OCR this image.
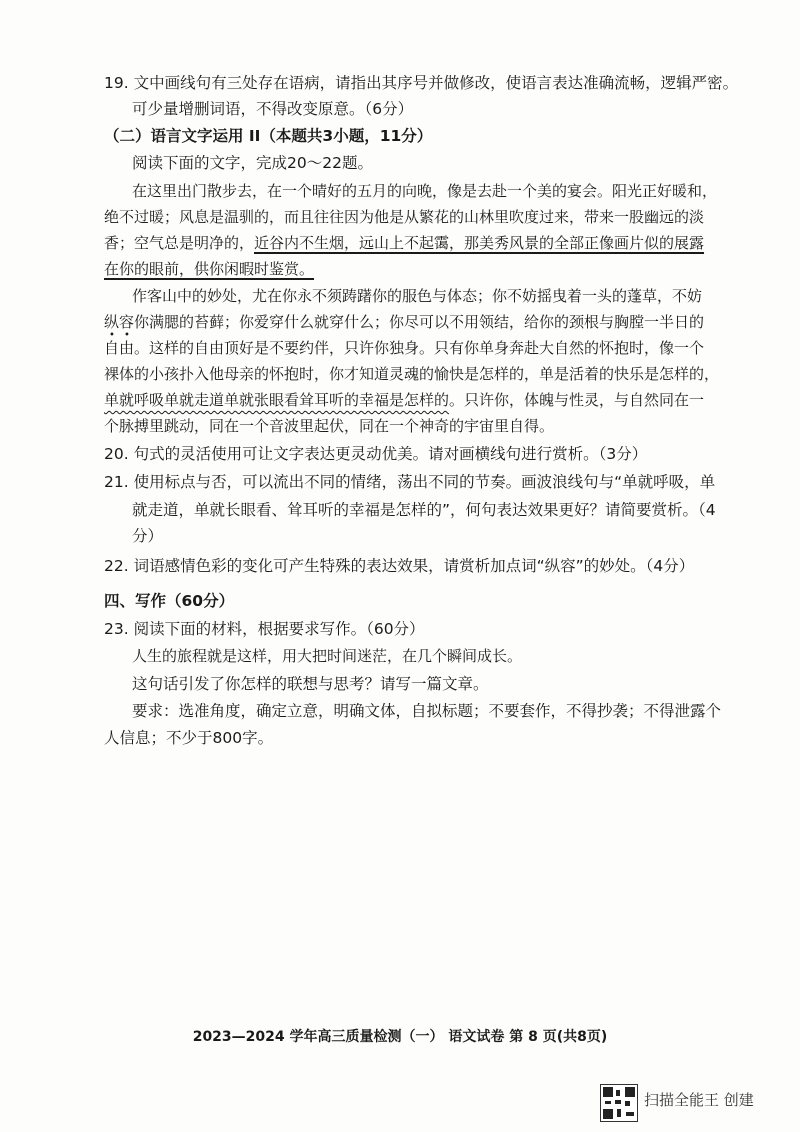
19. 文中画线句有三处存在语病，请指出其序号并做修改，使语言表达准确流畅，逻辑严密。
可少量增删词语，不得改变原意。（6分）
（二）语言文字运用 II（本题共3小题，11分）
阅读下面的文字，完成20～22题。
在这里出门散步去，在一个晴好的五月的向晚，像是去赴一个美的宴会。阳光正好暖和，
绝不过暖；风息是温驯的，而且往往因为他是从繁花的山林里吹度过来，带来一股幽远的淡
香；空气总是明净的，近谷内不生烟，远山上不起霭，那美秀风景的全部正像画片似的展露
在你的眼前，供你闲暇时鉴赏。
作客山中的妙处，尤在你永不须踌躇你的服色与体态；你不妨摇曳着一头的蓬草，不妨
纵容你满腮的苔藓；你爱穿什么就穿什么；你尽可以不用领结，给你的颈根与胸膛一半日的
自由。这样的自由顶好是不要约伴，只许你独身。只有你单身奔赴大自然的怀抱时，像一个
裸体的小孩扑入他母亲的怀抱时，你才知道灵魂的愉快是怎样的，单是活着的快乐是怎样的，
单就呼吸单就走道单就张眼看耸耳听的幸福是怎样的。只许你，体魄与性灵，与自然同在一
个脉搏里跳动，同在一个音波里起伏，同在一个神奇的宇宙里自得。
20. 句式的灵活使用可让文字表达更灵动优美。请对画横线句进行赏析。（3分）
21. 使用标点与否，可以流出不同的情绪，荡出不同的节奏。画波浪线句与“单就呼吸，单
就走道，单就长眼看、耸耳听的幸福是怎样的”，何句表达效果更好？请简要赏析。（4
分）
22. 词语感情色彩的变化可产生特殊的表达效果，请赏析加点词“纵容”的妙处。（4分）
四、写作（60分）
23. 阅读下面的材料，根据要求写作。（60分）
人生的旅程就是这样，用大把时间迷茫，在几个瞬间成长。
这句话引发了你怎样的联想与思考？请写一篇文章。
要求：选准角度，确定立意，明确文体，自拟标题；不要套作，不得抄袭；不得泄露个
人信息；不少于800字。
2023—2024 学年高三质量检测（一） 语文试卷 第 8 页(共8页)
扫描全能王 创建
